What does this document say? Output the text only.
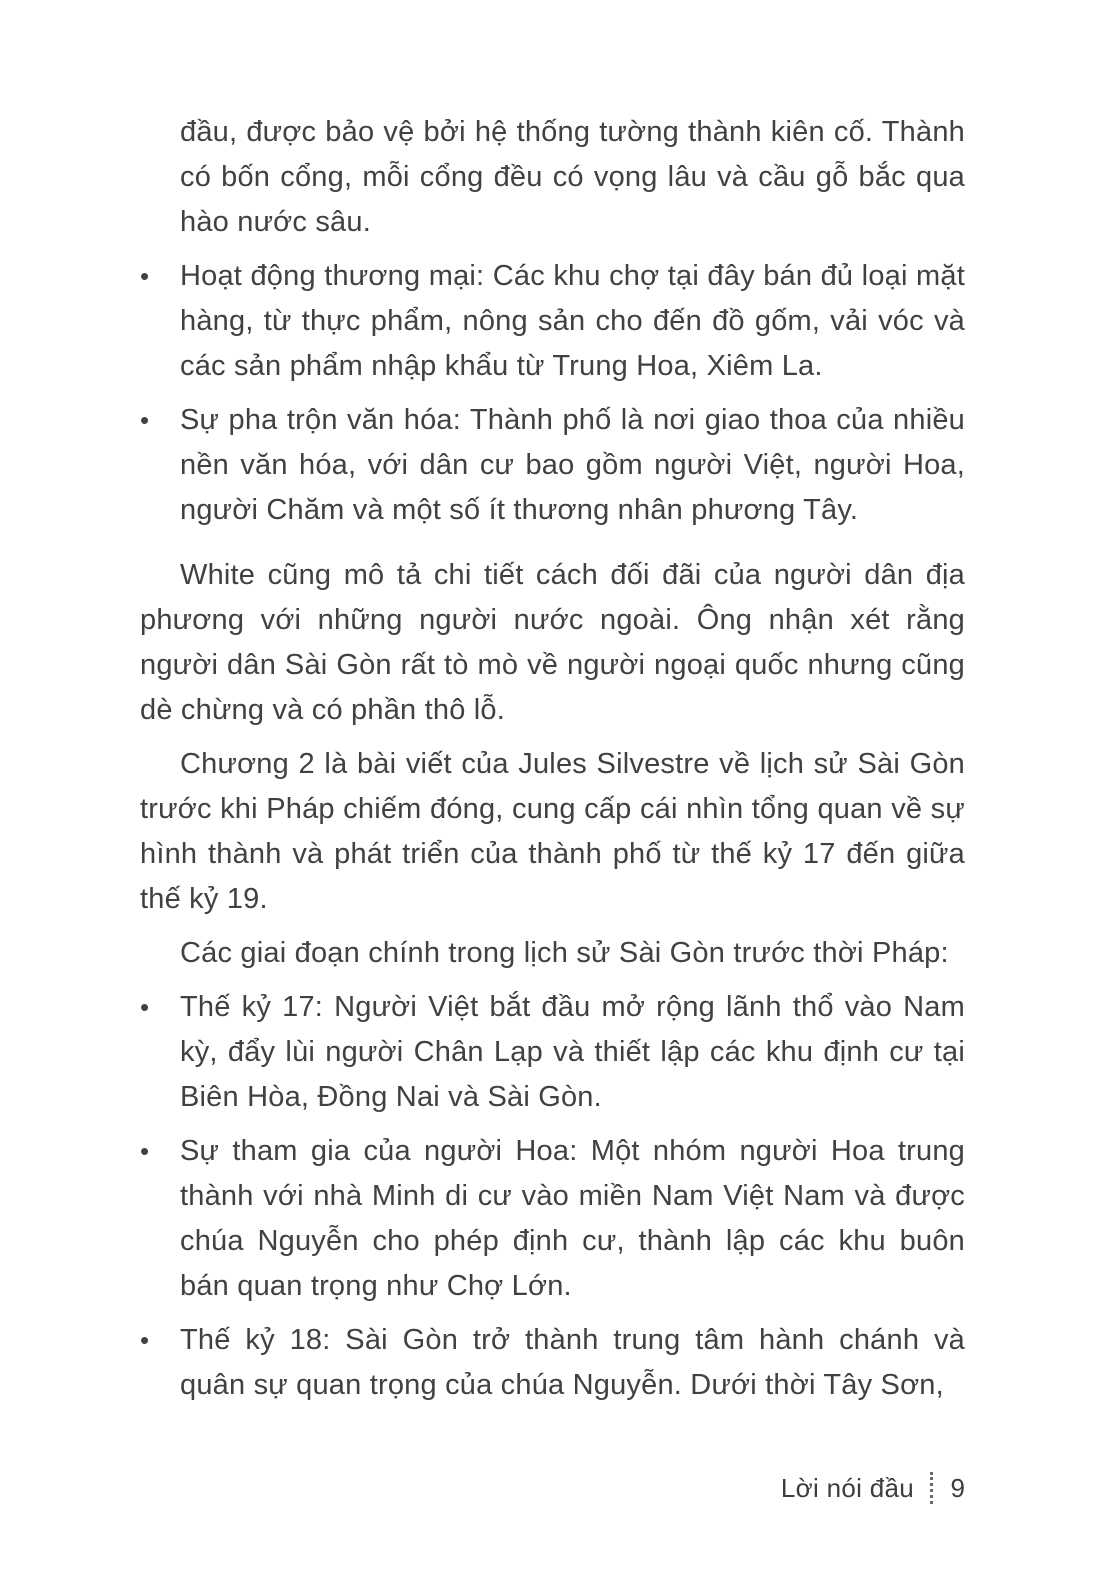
đầu, được bảo vệ bởi hệ thống tường thành kiên cố. Thành có bốn cổng, mỗi cổng đều có vọng lâu và cầu gỗ bắc qua hào nước sâu.
•	Hoạt động thương mại: Các khu chợ tại đây bán đủ loại mặt hàng, từ thực phẩm, nông sản cho đến đồ gốm, vải vóc và các sản phẩm nhập khẩu từ Trung Hoa, Xiêm La.
•	Sự pha trộn văn hóa: Thành phố là nơi giao thoa của nhiều nền văn hóa, với dân cư bao gồm người Việt, người Hoa, người Chăm và một số ít thương nhân phương Tây.
White cũng mô tả chi tiết cách đối đãi của người dân địa phương với những người nước ngoài. Ông nhận xét rằng người dân Sài Gòn rất tò mò về người ngoại quốc nhưng cũng dè chừng và có phần thô lỗ.
Chương 2 là bài viết của Jules Silvestre về lịch sử Sài Gòn trước khi Pháp chiếm đóng, cung cấp cái nhìn tổng quan về sự hình thành và phát triển của thành phố từ thế kỷ 17 đến giữa thế kỷ 19.
Các giai đoạn chính trong lịch sử Sài Gòn trước thời Pháp:
•	Thế kỷ 17: Người Việt bắt đầu mở rộng lãnh thổ vào Nam kỳ, đẩy lùi người Chân Lạp và thiết lập các khu định cư tại Biên Hòa, Đồng Nai và Sài Gòn.
•	Sự tham gia của người Hoa: Một nhóm người Hoa trung thành với nhà Minh di cư vào miền Nam Việt Nam và được chúa Nguyễn cho phép định cư, thành lập các khu buôn bán quan trọng như Chợ Lớn.
•	Thế kỷ 18: Sài Gòn trở thành trung tâm hành chánh và quân sự quan trọng của chúa Nguyễn. Dưới thời Tây Sơn,
Lời nói đầu 9
